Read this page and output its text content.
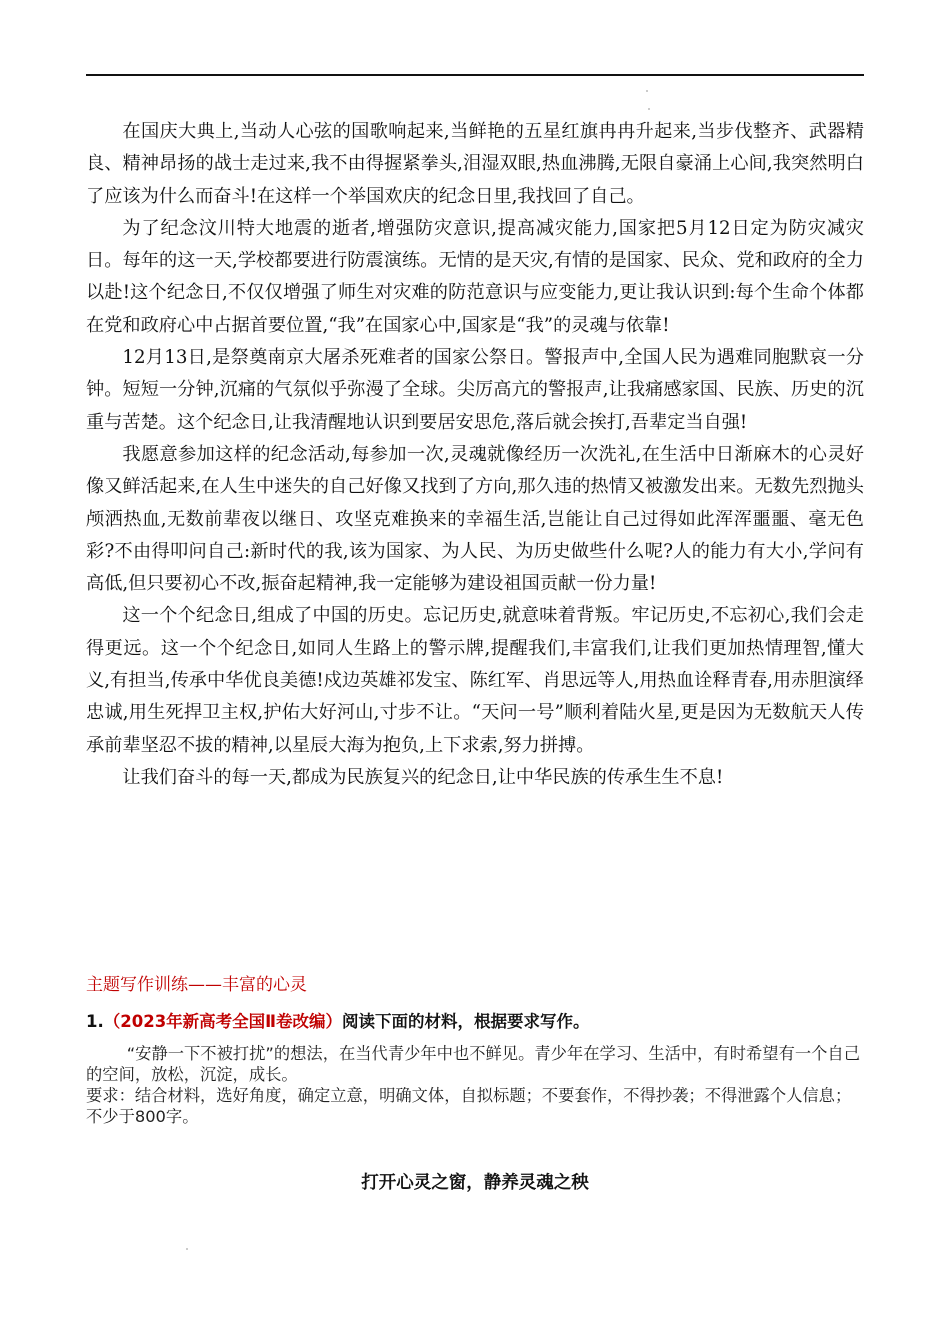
在国庆大典上,当动人心弦的国歌响起来,当鲜艳的五星红旗冉冉升起来,当步伐整齐、武器精良、精神昂扬的战士走过来,我不由得握紧拳头,泪湿双眼,热血沸腾,无限自豪涌上心间,我突然明白了应该为什么而奋斗!在这样一个举国欢庆的纪念日里,我找回了自己。

为了纪念汶川特大地震的逝者,增强防灾意识,提高减灾能力,国家把5月12日定为防灾减灾日。每年的这一天,学校都要进行防震演练。无情的是天灾,有情的是国家、民众、党和政府的全力以赴!这个纪念日,不仅仅增强了师生对灾难的防范意识与应变能力,更让我认识到:每个生命个体都在党和政府心中占据首要位置,“我”在国家心中,国家是“我”的灵魂与依靠!

12月13日,是祭奠南京大屠杀死难者的国家公祭日。警报声中,全国人民为遇难同胞默哀一分钟。短短一分钟,沉痛的气氛似乎弥漫了全球。尖厉高亢的警报声,让我痛感家国、民族、历史的沉重与苦楚。这个纪念日,让我清醒地认识到要居安思危,落后就会挨打,吾辈定当自强!

我愿意参加这样的纪念活动,每参加一次,灵魂就像经历一次洗礼,在生活中日渐麻木的心灵好像又鲜活起来,在人生中迷失的自己好像又找到了方向,那久违的热情又被激发出来。无数先烈抛头颅洒热血,无数前辈夜以继日、攻坚克难换来的幸福生活,岂能让自己过得如此浑浑噩噩、毫无色彩?不由得叩问自己:新时代的我,该为国家、为人民、为历史做些什么呢?人的能力有大小,学问有高低,但只要初心不改,振奋起精神,我一定能够为建设祖国贡献一份力量!

这一个个纪念日,组成了中国的历史。忘记历史,就意味着背叛。牢记历史,不忘初心,我们会走得更远。这一个个纪念日,如同人生路上的警示牌,提醒我们,丰富我们,让我们更加热情理智,懂大义,有担当,传承中华优良美德!戍边英雄祁发宝、陈红军、肖思远等人,用热血诠释青春,用赤胆演绎忠诚,用生死捍卫主权,护佑大好河山,寸步不让。“天问一号”顺利着陆火星,更是因为无数航天人传承前辈坚忍不拔的精神,以星辰大海为抱负,上下求索,努力拼搏。

让我们奋斗的每一天,都成为民族复兴的纪念日,让中华民族的传承生生不息!

主题写作训练——丰富的心灵
1.（2023年新高考全国Ⅱ卷改编）阅读下面的材料，根据要求写作。

“安静一下不被打扰”的想法，在当代青少年中也不鲜见。青少年在学习、生活中，有时希望有一个自己的空间，放松，沉淀，成长。

要求：结合材料，选好角度，确定立意，明确文体，自拟标题；不要套作，不得抄袭；不得泄露个人信息；不少于800字。

打开心灵之窗，静养灵魂之秧
